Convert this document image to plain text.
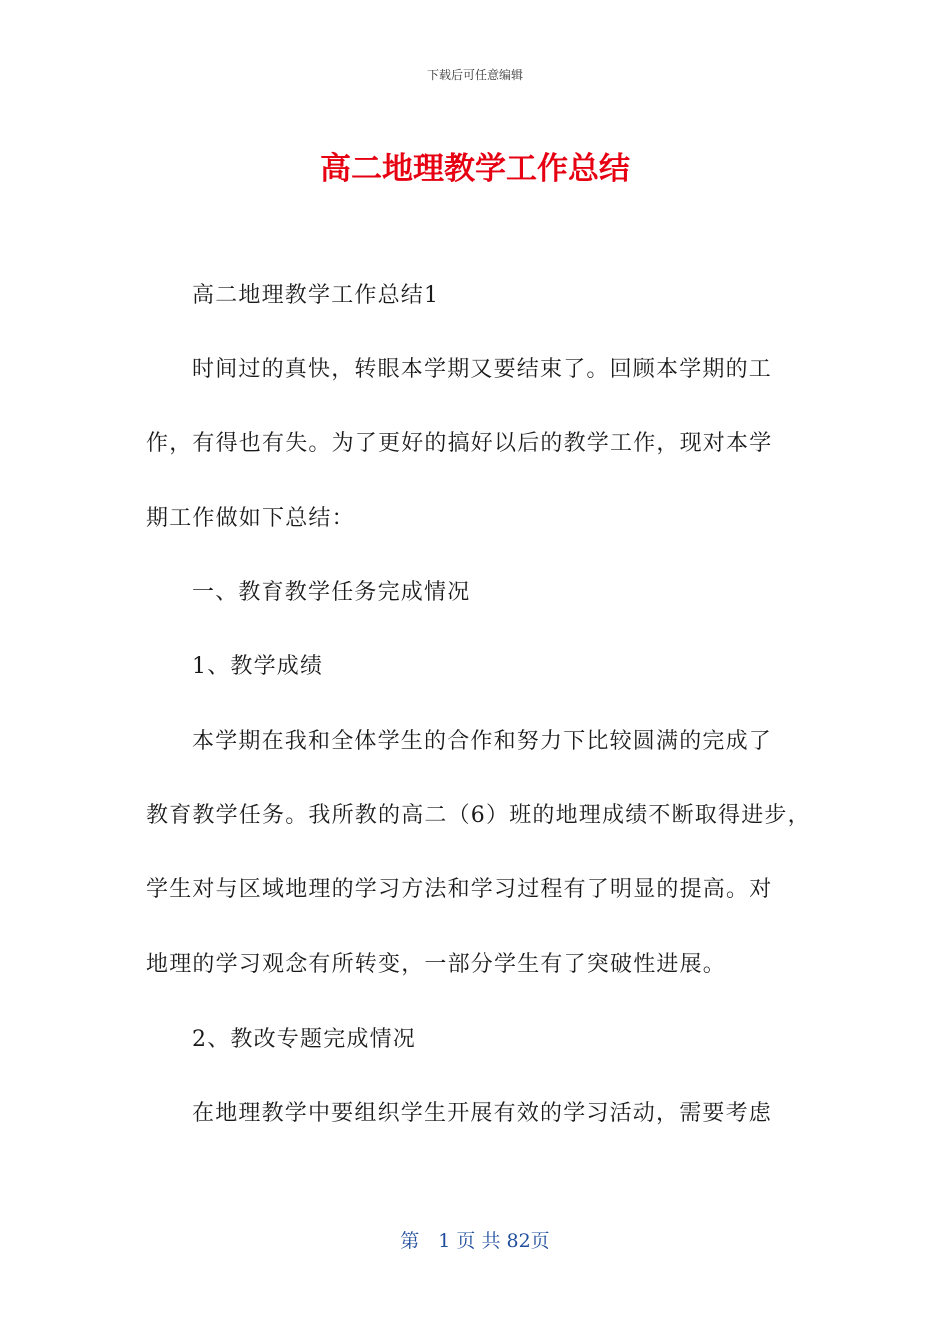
下载后可任意编辑
高二地理教学工作总结
高二地理教学工作总结1
时间过的真快，转眼本学期又要结束了。回顾本学期的工
作，有得也有失。为了更好的搞好以后的教学工作，现对本学
期工作做如下总结：
一、教育教学任务完成情况
1、教学成绩
本学期在我和全体学生的合作和努力下比较圆满的完成了
教育教学任务。我所教的高二（6）班的地理成绩不断取得进步，
学生对与区域地理的学习方法和学习过程有了明显的提高。对
地理的学习观念有所转变，一部分学生有了突破性进展。
2、教改专题完成情况
在地理教学中要组织学生开展有效的学习活动，需要考虑
第　1 页 共 82页
